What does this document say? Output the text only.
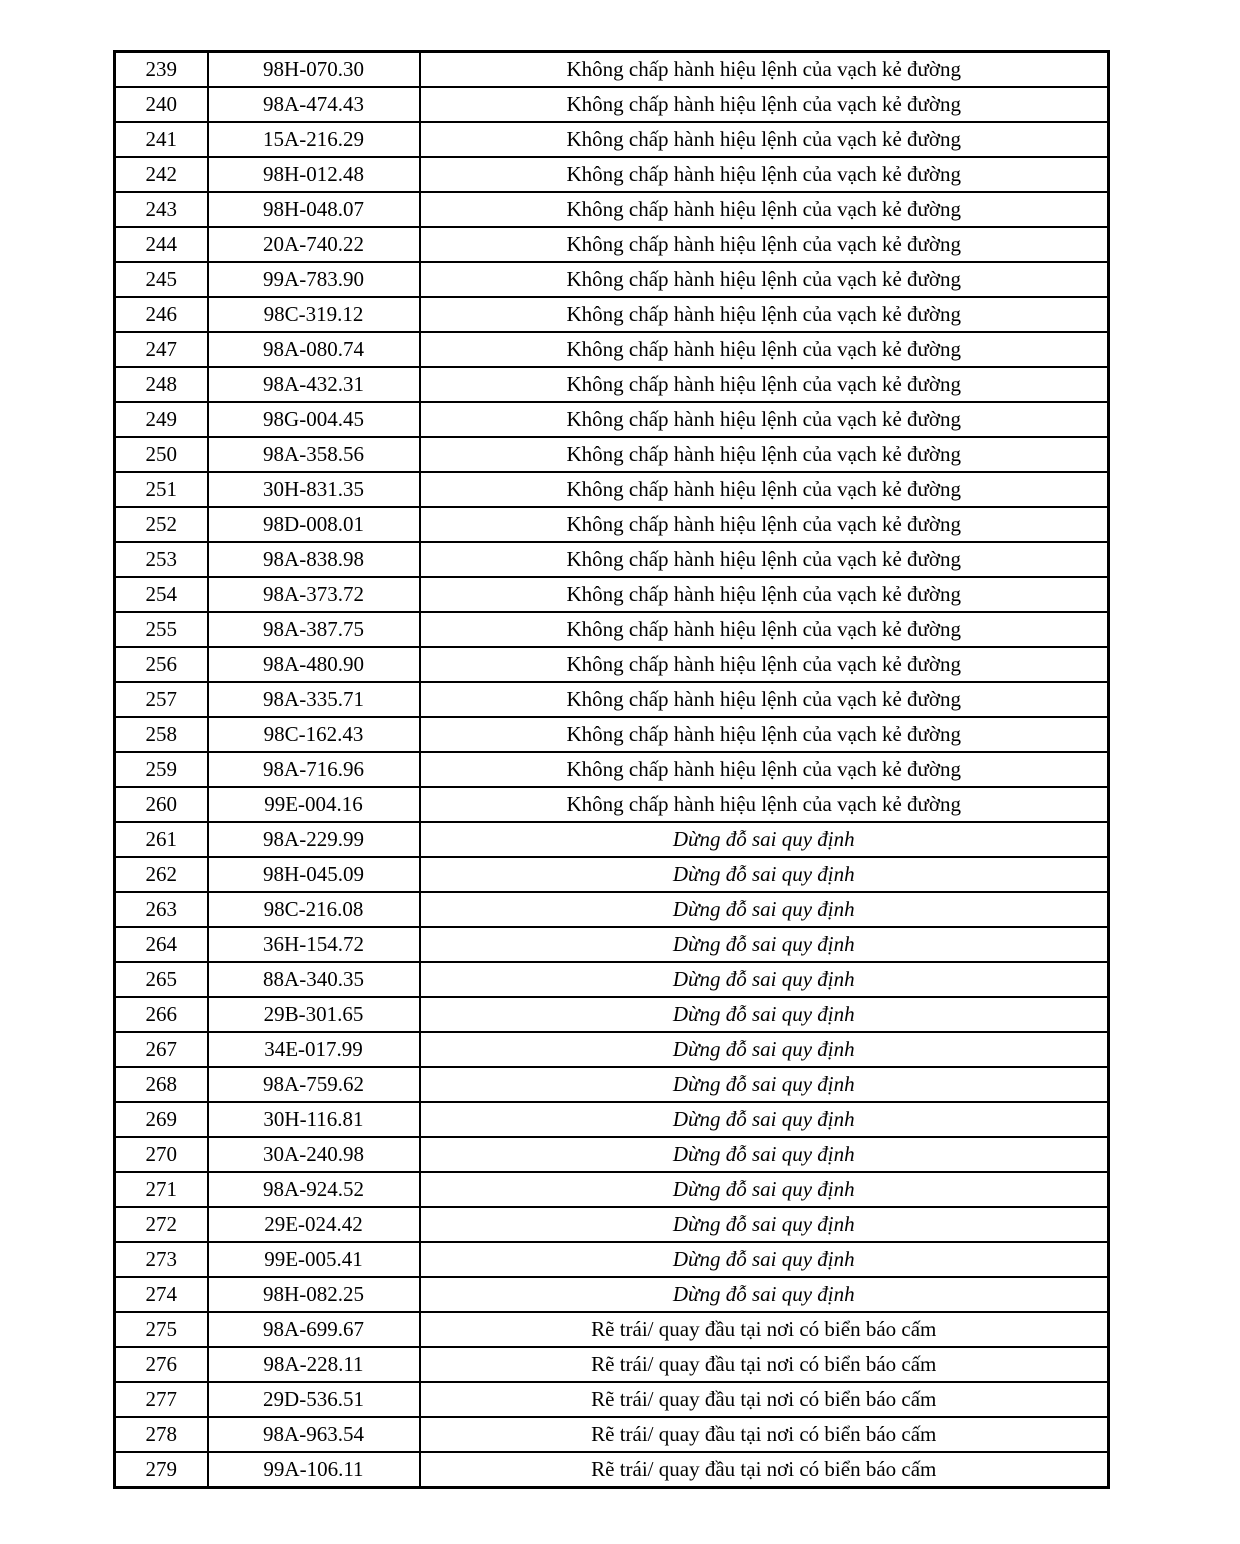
239	98H-070.30	Không chấp hành hiệu lệnh của vạch kẻ đường
240	98A-474.43	Không chấp hành hiệu lệnh của vạch kẻ đường
241	15A-216.29	Không chấp hành hiệu lệnh của vạch kẻ đường
242	98H-012.48	Không chấp hành hiệu lệnh của vạch kẻ đường
243	98H-048.07	Không chấp hành hiệu lệnh của vạch kẻ đường
244	20A-740.22	Không chấp hành hiệu lệnh của vạch kẻ đường
245	99A-783.90	Không chấp hành hiệu lệnh của vạch kẻ đường
246	98C-319.12	Không chấp hành hiệu lệnh của vạch kẻ đường
247	98A-080.74	Không chấp hành hiệu lệnh của vạch kẻ đường
248	98A-432.31	Không chấp hành hiệu lệnh của vạch kẻ đường
249	98G-004.45	Không chấp hành hiệu lệnh của vạch kẻ đường
250	98A-358.56	Không chấp hành hiệu lệnh của vạch kẻ đường
251	30H-831.35	Không chấp hành hiệu lệnh của vạch kẻ đường
252	98D-008.01	Không chấp hành hiệu lệnh của vạch kẻ đường
253	98A-838.98	Không chấp hành hiệu lệnh của vạch kẻ đường
254	98A-373.72	Không chấp hành hiệu lệnh của vạch kẻ đường
255	98A-387.75	Không chấp hành hiệu lệnh của vạch kẻ đường
256	98A-480.90	Không chấp hành hiệu lệnh của vạch kẻ đường
257	98A-335.71	Không chấp hành hiệu lệnh của vạch kẻ đường
258	98C-162.43	Không chấp hành hiệu lệnh của vạch kẻ đường
259	98A-716.96	Không chấp hành hiệu lệnh của vạch kẻ đường
260	99E-004.16	Không chấp hành hiệu lệnh của vạch kẻ đường
261	98A-229.99	Dừng đỗ sai quy định
262	98H-045.09	Dừng đỗ sai quy định
263	98C-216.08	Dừng đỗ sai quy định
264	36H-154.72	Dừng đỗ sai quy định
265	88A-340.35	Dừng đỗ sai quy định
266	29B-301.65	Dừng đỗ sai quy định
267	34E-017.99	Dừng đỗ sai quy định
268	98A-759.62	Dừng đỗ sai quy định
269	30H-116.81	Dừng đỗ sai quy định
270	30A-240.98	Dừng đỗ sai quy định
271	98A-924.52	Dừng đỗ sai quy định
272	29E-024.42	Dừng đỗ sai quy định
273	99E-005.41	Dừng đỗ sai quy định
274	98H-082.25	Dừng đỗ sai quy định
275	98A-699.67	Rẽ trái/ quay đầu tại nơi có biển báo cấm
276	98A-228.11	Rẽ trái/ quay đầu tại nơi có biển báo cấm
277	29D-536.51	Rẽ trái/ quay đầu tại nơi có biển báo cấm
278	98A-963.54	Rẽ trái/ quay đầu tại nơi có biển báo cấm
279	99A-106.11	Rẽ trái/ quay đầu tại nơi có biển báo cấm
